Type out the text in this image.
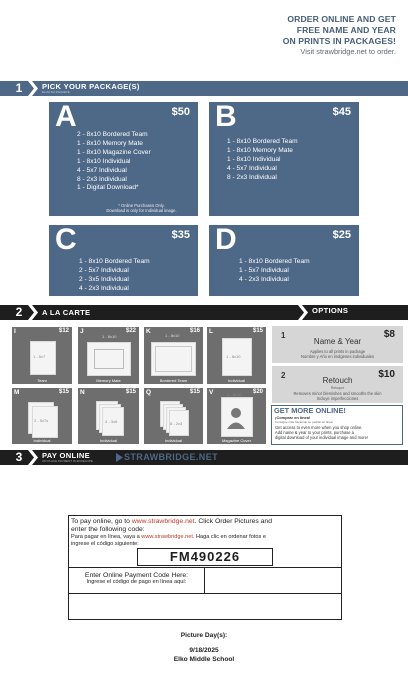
ORDER ONLINE AND GET
FREE NAME AND YEAR
ON PRINTS IN PACKAGES!
Visit strawbridge.net to order.
1	PICK YOUR PACKAGE(S)
ELIJA SU PAQUETE
A	$50
2 - 8x10 Bordered Team
1 - 8x10 Memory Mate
1 - 8x10 Magazine Cover
1 - 8x10 Individual
4 - 5x7 Individual
8 - 2x3 Individual
1 - Digital Download*
* Online Purchases Only.
Download is only for Individual image.
B	$45
1 - 8x10 Bordered Team
1 - 8x10 Memory Mate
1 - 8x10 Individual
4 - 5x7 Individual
8 - 2x3 Individual
C	$35
1 - 8x10 Bordered Team
2 - 5x7 Individual
2 - 3x5 Individual
4 - 2x3 Individual
D	$25
1 - 8x10 Bordered Team
1 - 5x7 Individual
4 - 2x3 Individual
2	A LA CARTE	OPTIONS
I	$12
1 - 5x7
Team
J	$22
1 - 8x10
Memory Mate
K	$16
1 - 8x10
Bordered Team
L	$15
1 - 8x10
Individual
M	$15
2 - 5x7s
Individual
N	$15
4 - 3x5
Individual
Q	$15
8 - 2x3
Individual
V	$20
1 - 8x10
Magazine Cover
1	$8
Name & Year
Applies to all prints in package
Nombre y Año en imágenes individuales
2	$10
Retouch
Retoque
Removes minor blemishes and smooths the skin
Incluye imperfecciones
GET MORE ONLINE!
¡Comprar en línea!
Consigue más haciendo su pedido en línea
Get access to even more when you shop online.
Add name & year to your prints, purchase a
digital download of your individual image and more!
3	PAY ONLINE
OR PLACE PAYMENT IN ENVELOPE	STRAWBRIDGE.NET
To pay online, go to www.strawbridge.net. Click Order Pictures and
enter the following code:
Para pagar en línea, vaya a www.strawbridge.net. Haga clic en ordenar fotos e
ingrese el código siguiente:
FM490226
Enter Online Payment Code Here:
Ingrese el código de pago en línea aquí:
Picture Day(s):
9/18/2025
Elko Middle School
